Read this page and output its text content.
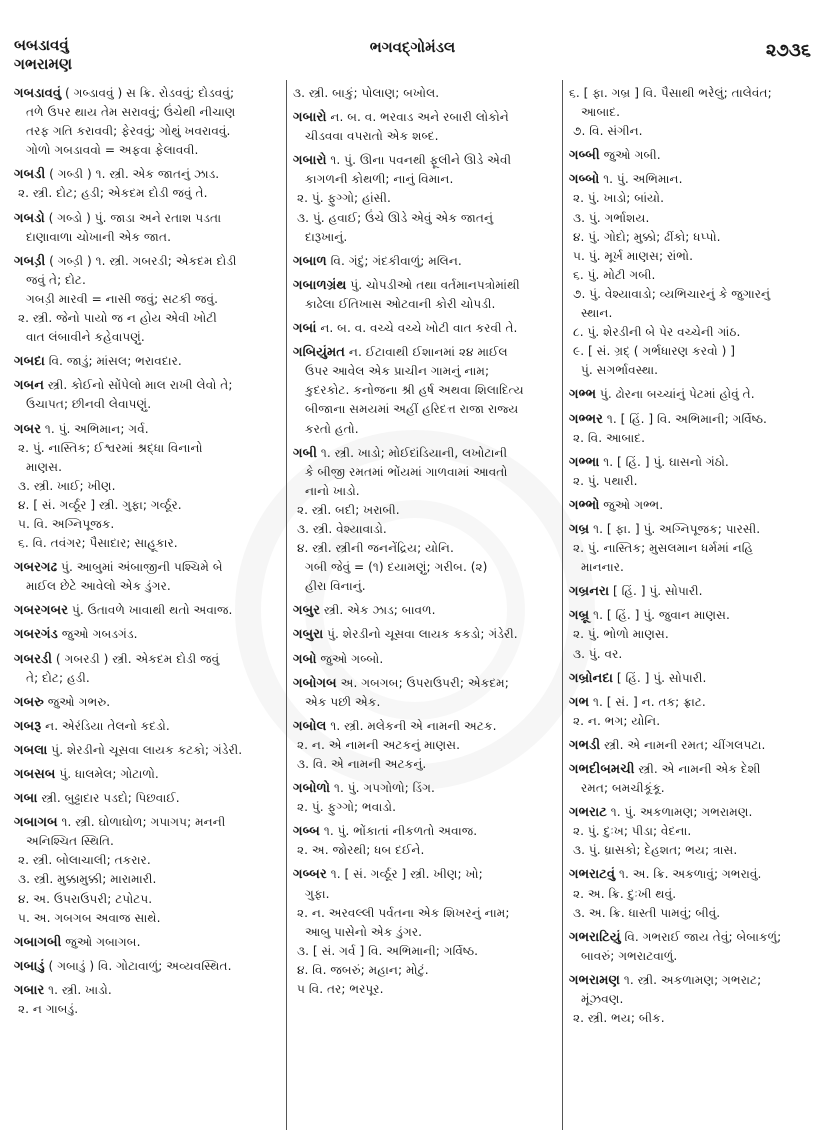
બબડાવવું
ગભરામણ
ભગવદ્ગોમંડલ	૨૭૩૬
ગબડાવવું ( ગબ્ડાવવું ) સ ક્રિ. રોડવવું; દોડવવું;
તળે ઉપર થાય તેમ સરાવવું; ઉંચેથી નીચાણ
તરફ ગતિ કરાવવી; ફેરવવું; ગોથું ખવરાવવું.
ગોળો ગબડાવવો = અફવા ફેલાવવી.
ગબડી ( ગબ્ડી ) ૧. સ્ત્રી. એક જાતનું ઝાડ.
૨. સ્ત્રી. દોટ; હડી; એકદમ દોડી જવું તે.
ગબડો ( ગબ્ડો ) પું. જાડા અને રતાશ પડતા
દાણાવાળા ચોખાની એક જાત.
ગબડ઼ી ( ગબ્ડ઼ી ) ૧. સ્ત્રી. ગબરડી; એકદમ દોડી
જવું તે; દોટ.
ગબડ઼ી મારવી = નાસી જવું; સટકી જવું.
૨. સ્ત્રી. જેનો પાયો જ ન હોય એવી ખોટી
વાત લંબાવીને કહેવાપણું.
ગબદા વિ. જાડું; માંસલ; ભરાવદાર.
ગબન સ્ત્રી. કોઈનો સોંપેલો માલ રાખી લેવો તે;
ઉચાપત; છીનવી લેવાપણું.
ગબર ૧. પું. અભિમાન; ગર્વ.
૨. પું. નાસ્તિક; ઈશ્વરમાં શ્રદ્ધા વિનાનો
માણસ.
૩. સ્ત્રી. ખાઈ; ખીણ.
૪. [ સં. ગર્વ્ઠૂર ] સ્ત્રી. ગુફા; ગર્વ્ઠૂર.
૫. વિ. અગ્નિપૂજક.
૬. વિ. તવંગર; પૈસાદાર; સાહૂકાર.
ગબરગઢ પું. આબુમાં અંબાજીની પશ્ચિમે બે
માઈલ છેટે આવેલો એક ડુંગર.
ગબરગબર પું. ઉતાવળે ખાવાથી થતો અવાજ.
ગબરગંડ જુઓ ગબડગંડ.
ગબરડી ( ગબરડી ) સ્ત્રી. એકદમ દોડી જવું
તે; દોટ; હડી.
ગબરુ જુઓ ગભરુ.
ગબરૂ ન. એરંડિયા તેલનો કદડો.
ગબલા પું. શેરડીનો ચૂસવા લાયક કટકો; ગંડેરી.
ગબસબ પું. ધાલમેલ; ગોટાળો.
ગબા સ્ત્રી. બુઢ્ઢાદાર પડદો; પિછવાઈ.
ગબાગબ ૧. સ્ત્રી. ઘોળાઘોળ; ગપાગપ; મનની
અનિશ્ચિત સ્થિતિ.
૨. સ્ત્રી. બોલાચાલી; તકરાર.
૩. સ્ત્રી. મુક્કામુક્કી; મારામારી.
૪. અ. ઉપરાઉપરી; ટપોટપ.
૫. અ. ગબગબ અવાજ સાથે.
ગબાગબી જુઓ ગબાગબ.
ગબાડું ( ગબાડું ) વિ. ગોટાવાળું; અવ્યવસ્થિત.
ગબાર ૧. સ્ત્રી. ખાડો.
૨. ન ગાબડું.
૩. સ્ત્રી. બાકું; પોલાણ; બખોલ.
ગબારો ન. બ. વ. ભરવાડ અને રબારી લોકોને
ચીડવવા વપરાતો એક શબ્દ.
ગબારો ૧. પું. ઊના પવનથી ફૂલીને ઊડે એવી
કાગળની કોથળી; નાનું વિમાન.
૨. પું. ફુગ્ગો; હાંસી.
૩. પું. હવાઈ; ઉંચે ઊડે એવું એક જાતનું
દારૂખાનું.
ગબાળ વિ. ગંદું; ગંદકીવાળું; મલિન.
ગબાળગ્રંથ પું. ચોપડીઓ તથા વર્તમાનપત્રોમાંથી
કાઢેલા ઈતિખાસ ઓટવાની કોરી ચોપડી.
ગબાં ન. બ. વ. વચ્ચે વચ્ચે ખોટી વાત કરવી તે.
ગબિયુંમત ન. ઈટાવાથી ઈશાનમાં ૨૪ માઈલ
ઉપર આવેલ એક પ્રાચીન ગામનું નામ;
કુદરકોટ. કનોજના શ્રી હર્ષ અથવા શિલાદિત્ય
બીજાના સમયમાં અહીં હરિદત્ત રાજા રાજ્ય
કરતો હતો.
ગબી ૧. સ્ત્રી. ખાડો; મોઈદાંડિયાની, લખોટાની
કે બીજી રમતમાં ભોંયમાં ગાળવામાં આવતો
નાનો ખાડો.
૨. સ્ત્રી. બદી; ખરાબી.
૩. સ્ત્રી. વેશ્યાવાડો.
૪. સ્ત્રી. સ્ત્રીની જનનેંદ્રિય; યોનિ.
ગબી જેવું = (૧) દયામણું; ગરીબ. (૨)
હીરા વિનાનું.
ગબુર સ્ત્રી. એક ઝાડ; બાવળ.
ગબુરા પું. શેરડીનો ચૂસવા લાયક કકડો; ગંડેરી.
ગબો જુઓ ગબ્બો.
ગબોગબ અ. ગબગબ; ઉપરાઉપરી; એકદમ;
એક પછી એક.
ગબોલ ૧. સ્ત્રી. મલેકની એ નામની અટક.
૨. ન. એ નામની અટકનું માણસ.
૩. વિ. એ નામની અટકનું.
ગબોળો ૧. પું. ગપગોળો; ડિંગ.
૨. પું. ફુગ્ગો; ભવાડો.
ગબ્બ ૧. પું. ભોંકાતાં નીકળતો અવાજ.
૨. અ. જોરથી; ધબ દઈને.
ગબ્બર ૧. [ સં. ગર્વ્ઠૂર ] સ્ત્રી. ખીણ; ખો;
ગુફા.
૨. ન. અરવલ્લી પર્વતના એક શિખરનું નામ;
આબુ પાસેનો એક ડુંગર.
૩. [ સં. ગર્વ ] વિ. અભિમાની; ગર્વિષ્ઠ.
૪. વિ. જબરું; મહાન; મોટું.
૫ વિ. તર; ભરપૂર.
૬. [ ફા. ગબ્ર ] વિ. પૈસાથી ભરેલું; તાલેવંત;
આબાદ.
૭. વિ. સંગીન.
ગબ્બી જુઓ ગબી.
ગબ્બો ૧. પું. અભિમાન.
૨. પું. ખાડો; બાંયો.
૩. પું. ગર્ભાશય.
૪. પું. ગોદો; મુક્કો; ઢીંકો; ધપ્પો.
૫. પું. મૂર્ખ માણસ; રાંભો.
૬. પું. મોટી ગબી.
૭. પું. વેશ્યાવાડો; વ્યભિચારનું કે જુગારનું
સ્થાન.
૮. પું. શેરડીની બે પેર વચ્ચેની ગાંઠ.
૯. [ સં. ગ્રદ્ ( ગર્ભધારણ કરવો ) ]
પું. સગર્ભાવસ્થા.
ગભ્ભ પું. ઢોરના બચ્ચાંનું પેટમાં હોવું તે.
ગભ્ભર ૧. [ હિં. ] વિ. અભિમાની; ગર્વિષ્ઠ.
૨. વિ. આબાદ.
ગભ્ભા ૧. [ હિં. ] પું. ઘાસનો ગંઠો.
૨. પું. પથારી.
ગભ્ભો જુઓ ગભ્ભ.
ગબ્ર ૧. [ ફા. ] પું. અગ્નિપૂજક; પારસી.
૨. પું. નાસ્તિક; મુસલમાન ધર્મમાં નહિ
માનનાર.
ગબ્રનરા [ હિં. ] પું. સોપારી.
ગબ્રૂ ૧. [ હિં. ] પું. જુવાન માણસ.
૨. પું. ભોળો માણસ.
૩. પું. વર.
ગબ્રોનદા [ હિં. ] પું. સોપારી.
ગભ ૧. [ સં. ] ન. તક; ફ્રાટ.
૨. ન. ભગ; યોનિ.
ગભડી સ્ત્રી. એ નામની રમત; ચીંગલપટા.
ગભદીબમચી સ્ત્રી. એ નામની એક દેશી
રમત; બમચીકૂંકૂ.
ગભરાટ ૧. પું. અકળામણ; ગભરામણ.
૨. પું. દુઃખ; પીડા; વેદના.
૩. પું. ધ્રાસકો; દેહશત; ભય; ત્રાસ.
ગભરાટવું ૧. અ. ક્રિ. અકળાવું; ગભરાવું.
૨. અ. ક્રિ. દુઃખી થવું.
૩. અ. ક્રિ. ધાસ્તી પામવું; બીવું.
ગભરાટિયું વિ. ગભરાઈ જાય તેવું; બેબાકળું;
બાવરું; ગભરાટવાળું.
ગભરામણ ૧. સ્ત્રી. અકળામણ; ગભરાટ;
મૂંઝવણ.
૨. સ્ત્રી. ભય; બીક.
